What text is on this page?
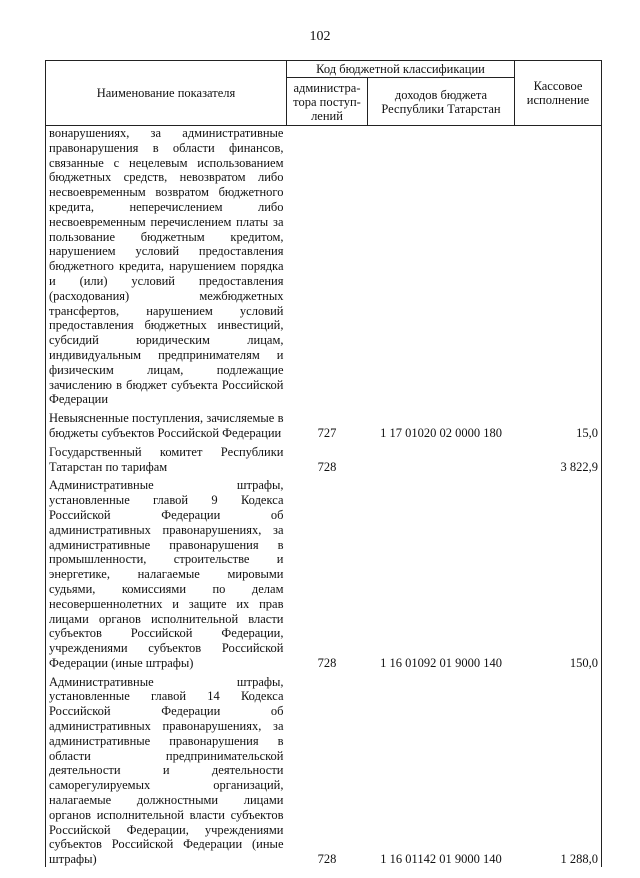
102
Наименование показателя	Код бюджетной классификации		Кассовое исполнение
	администра-тора поступ-лений	доходов бюджета Республики Татарстан	
вонарушениях, за административные правонарушения в области финансов, связанные с нецелевым использованием бюджетных средств, невозвратом либо несвоевременным возвратом бюджетного кредита, неперечислением либо несвоевременным перечислением платы за пользование бюджетным кредитом, нарушением условий предоставления бюджетного кредита, нарушением порядка и (или) условий предоставления (расходования) межбюджетных трансфертов, нарушением условий предоставления бюджетных инвестиций, субсидий юридическим лицам, индивидуальным предпринимателям и физическим лицам, подлежащие зачислению в бюджет субъекта Российской Федерации			
Невыясненные поступления, зачисляемые в бюджеты субъектов Российской Федерации	727	1 17 01020 02 0000 180	15,0
Государственный комитет Республики Татарстан по тарифам	728		3 822,9
Административные штрафы, установленные главой 9 Кодекса Российской Федерации об административных правонарушениях, за административные правонарушения в промышленности, строительстве и энергетике, налагаемые мировыми судьями, комиссиями по делам несовершеннолетних и защите их прав лицами органов исполнительной власти субъектов Российской Федерации, учреждениями субъектов Российской Федерации (иные штрафы)	728	1 16 01092 01 9000 140	150,0
Административные штрафы, установленные главой 14 Кодекса Российской Федерации об административных правонарушениях, за административные правонарушения в области предпринимательской деятельности и деятельности саморегулируемых организаций, налагаемые должностными лицами органов исполнительной власти субъектов Российской Федерации, учреждениями субъектов Российской Федерации (иные штрафы)	728	1 16 01142 01 9000 140	1 288,0
